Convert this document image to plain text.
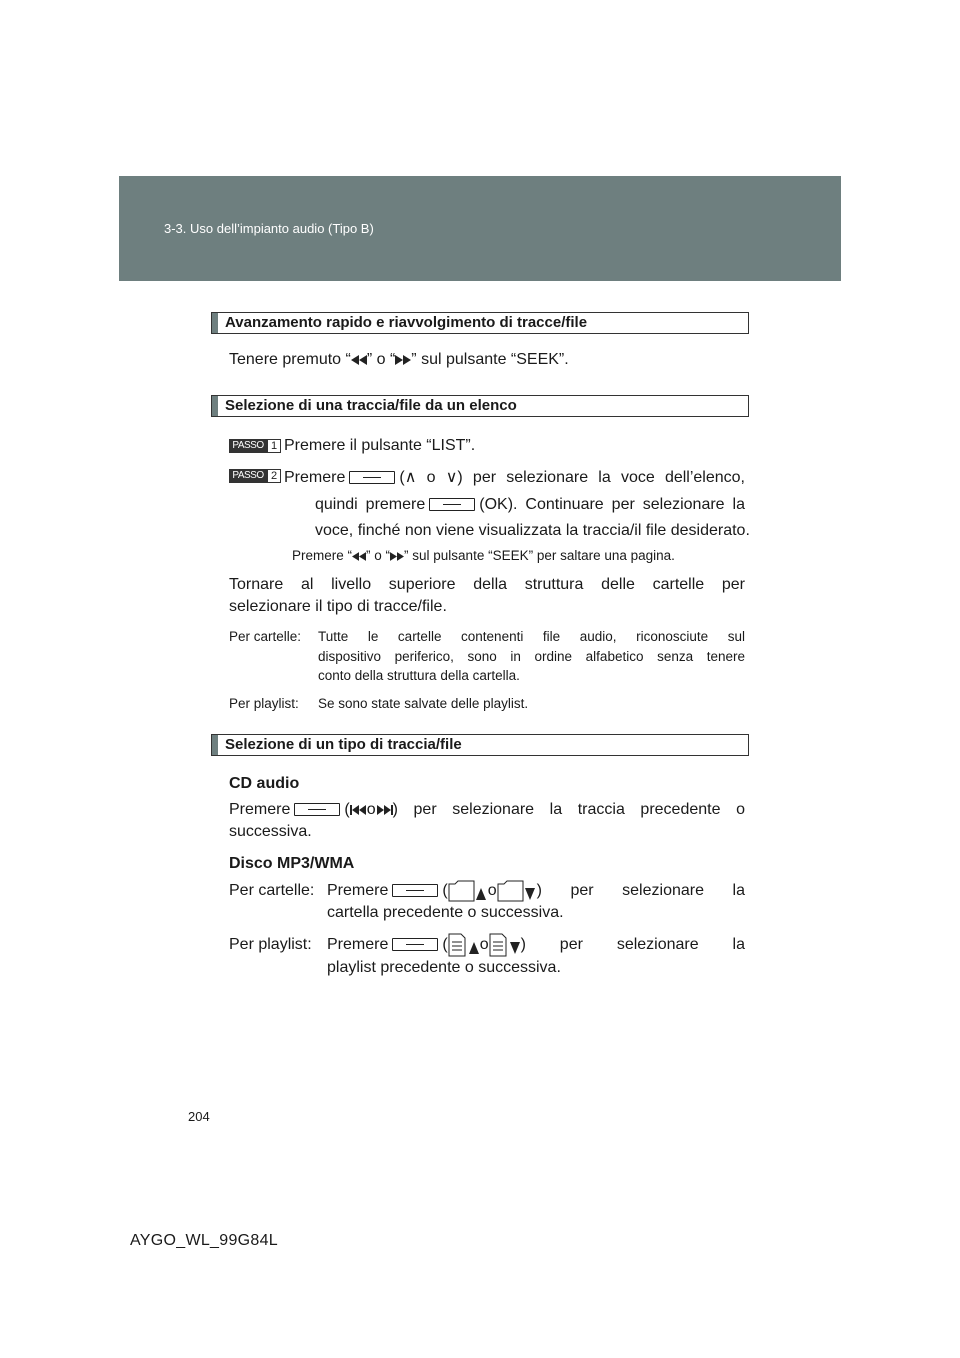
3-3. Uso dell’impianto audio (Tipo B)
Avanzamento rapido e riavvolgimento di tracce/file
Tenere premuto “ ” o “ ” sul pulsante “SEEK”.
Selezione di una traccia/file da un elenco
PASSO 1 Premere il pulsante “LIST”.
PASSO 2 Premere	(∧ o ∨) per selezionare la voce dell’elenco,
quindi premere	(OK). Continuare per selezionare la
voce, finché non viene visualizzata la traccia/il file desiderato.
Premere “ ” o “ ” sul pulsante “SEEK” per saltare una pagina.
Tornare al livello superiore della struttura delle cartelle per
selezionare il tipo di tracce/file.
Per cartelle: Tutte le cartelle contenenti file audio, riconosciute sul
dispositivo periferico, sono in ordine alfabetico senza tenere
conto della struttura della cartella.
Per playlist: Se sono state salvate delle playlist.
Selezione di un tipo di traccia/file
CD audio
Premere	( o ) per selezionare la traccia precedente o
successiva.
Disco MP3/WMA
Per cartelle: Premere	(	o	) per selezionare la
cartella precedente o successiva.
Per playlist: Premere	( o ) per selezionare la
playlist precedente o successiva.
204
AYGO_WL_99G84L
